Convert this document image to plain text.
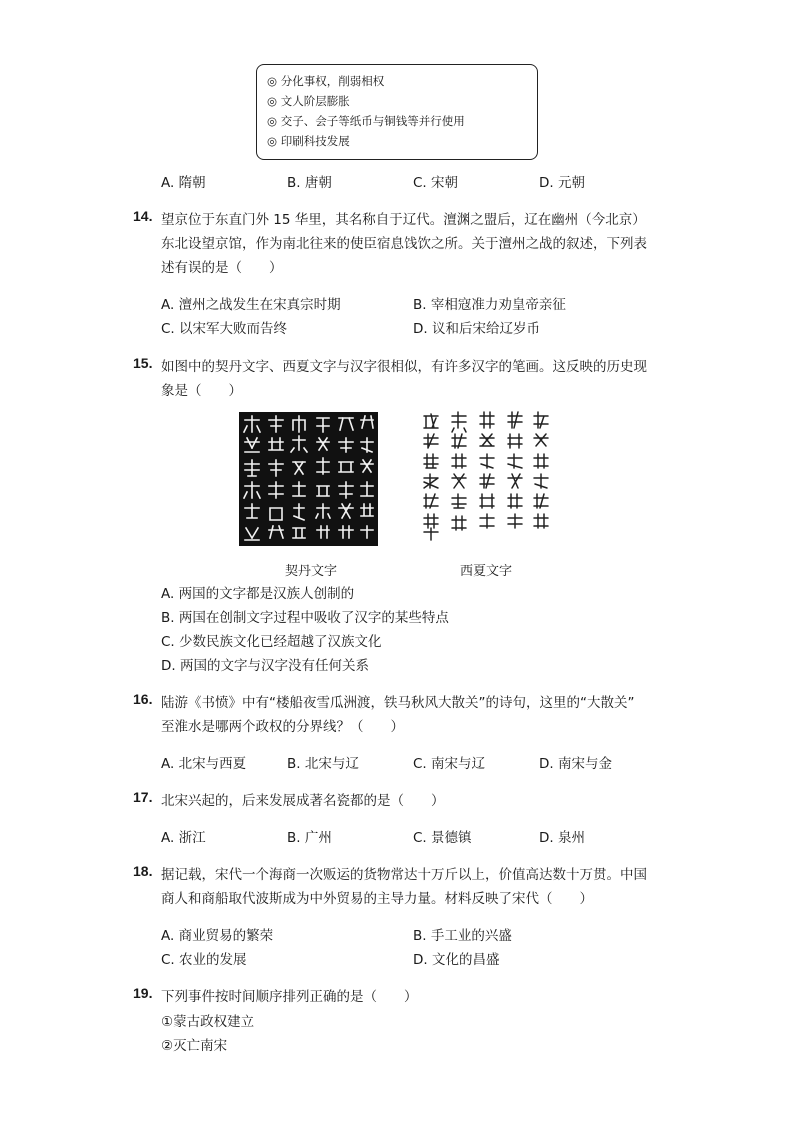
◎ 分化事权，削弱相权
◎ 文人阶层膨胀
◎ 交子、会子等纸币与铜钱等并行使用
◎ 印刷科技发展
A. 隋朝	B. 唐朝	C. 宋朝	D. 元朝
14. 望京位于东直门外 15 华里，其名称自于辽代。澶渊之盟后，辽在幽州（今北京）
东北设望京馆，作为南北往来的使臣宿息饯饮之所。关于澶州之战的叙述，下列表
述有误的是（　　）
A. 澶州之战发生在宋真宗时期	B. 宰相寇准力劝皇帝亲征
C. 以宋军大败而告终	D. 议和后宋给辽岁币
15. 如图中的契丹文字、西夏文字与汉字很相似，有许多汉字的笔画。这反映的历史现
象是（　　）
契丹文字	西夏文字
A. 两国的文字都是汉族人创制的
B. 两国在创制文字过程中吸收了汉字的某些特点
C. 少数民族文化已经超越了汉族文化
D. 两国的文字与汉字没有任何关系
16. 陆游《书愤》中有“楼船夜雪瓜洲渡，铁马秋风大散关”的诗句，这里的“大散关”
至淮水是哪两个政权的分界线？（　　）
A. 北宋与西夏	B. 北宋与辽	C. 南宋与辽	D. 南宋与金
17. 北宋兴起的，后来发展成著名瓷都的是（　　）
A. 浙江	B. 广州	C. 景德镇	D. 泉州
18. 据记载，宋代一个海商一次贩运的货物常达十万斤以上，价值高达数十万贯。中国
商人和商船取代波斯成为中外贸易的主导力量。材料反映了宋代（　　）
A. 商业贸易的繁荣	B. 手工业的兴盛
C. 农业的发展	D. 文化的昌盛
19. 下列事件按时间顺序排列正确的是（　　）
①蒙古政权建立
②灭亡南宋
